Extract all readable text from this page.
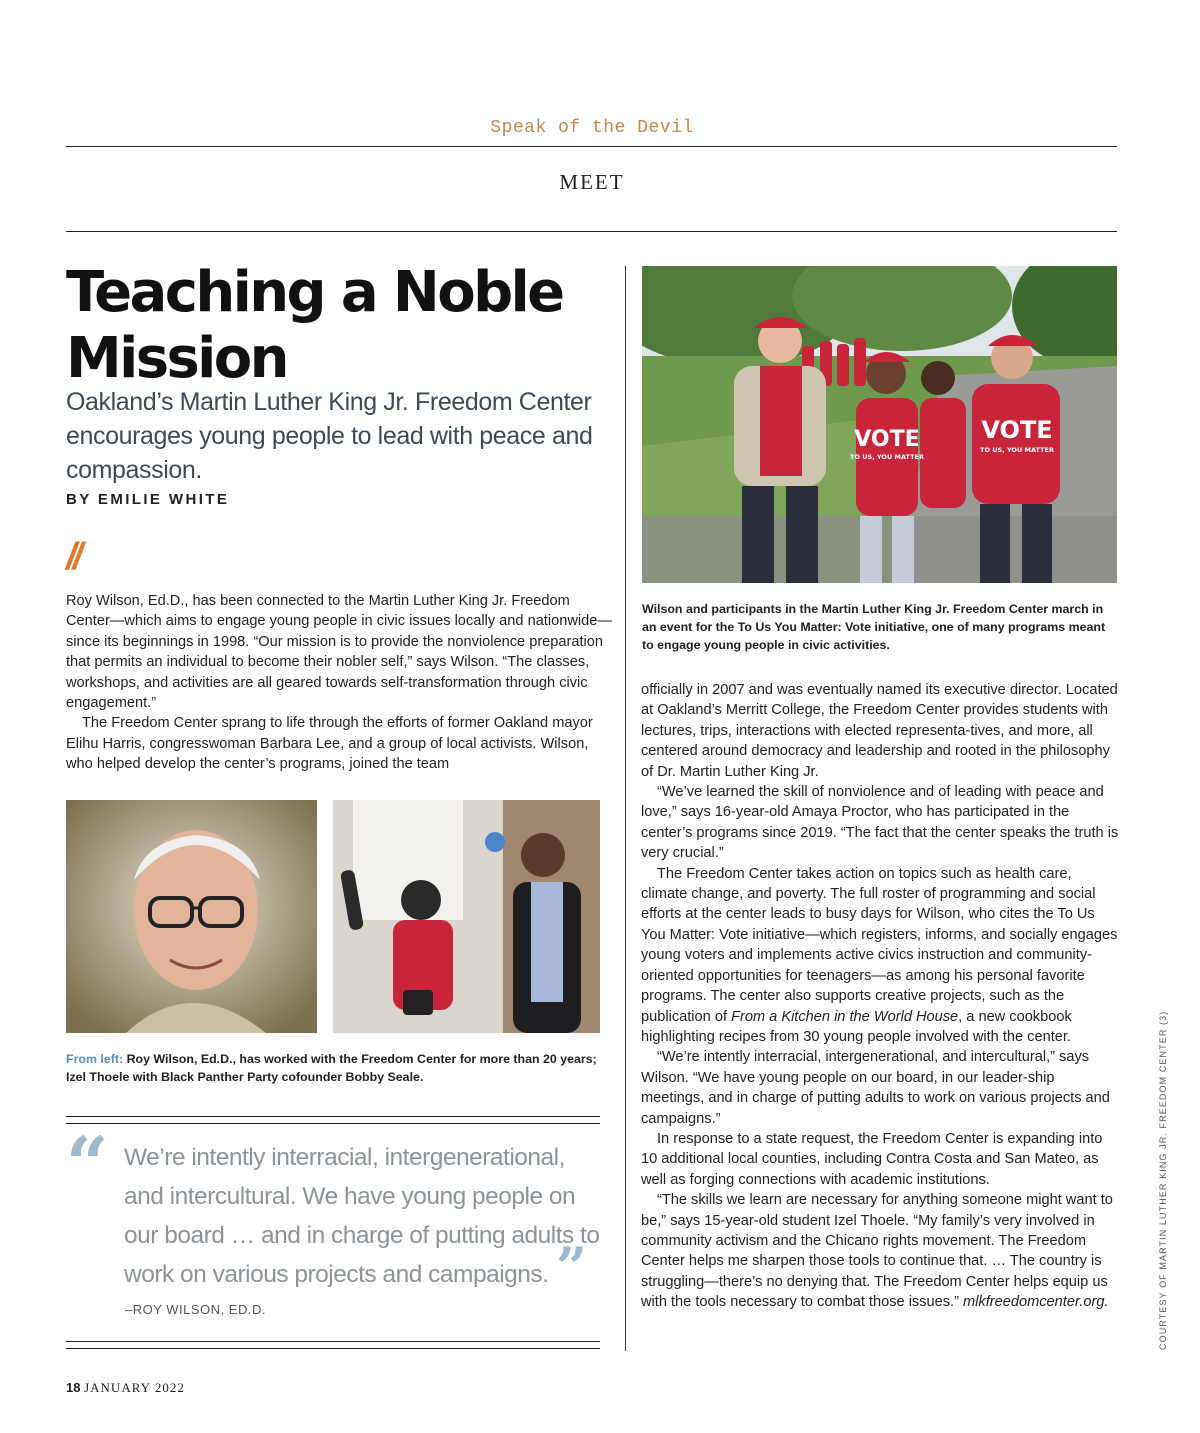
Speak of the Devil
MEET
Teaching a Noble Mission
Oakland’s Martin Luther King Jr. Freedom Center encourages young people to lead with peace and compassion.
BY EMILIE WHITE
//

Roy Wilson, Ed.D., has been connected to the Martin Luther King Jr. Freedom Center—which aims to engage young people in civic issues locally and nationwide—since its beginnings in 1998. “Our mission is to provide the nonviolence preparation that permits an individual to become their nobler self,” says Wilson. “The classes, workshops, and activities are all geared towards self-transformation through civic engagement.”

The Freedom Center sprang to life through the efforts of former Oakland mayor Elihu Harris, congresswoman Barbara Lee, and a group of local activists. Wilson, who helped develop the center’s programs, joined the team

VOTE
TO US, YOU MATTER
VOTE
TO US, YOU MATTER
Wilson and participants in the Martin Luther King Jr. Freedom Center march in an event for the To Us You Matter: Vote initiative, one of many programs meant to engage young people in civic activities.

officially in 2007 and was eventually named its executive director. Located at Oakland’s Merritt College, the Freedom Center provides students with lectures, trips, interactions with elected representa-tives, and more, all centered around democracy and leadership and rooted in the philosophy of Dr. Martin Luther King Jr.

“We’ve learned the skill of nonviolence and of leading with peace and love,” says 16-year-old Amaya Proctor, who has participated in the center’s programs since 2019. “The fact that the center speaks the truth is very crucial.”

The Freedom Center takes action on topics such as health care, climate change, and poverty. The full roster of programming and social efforts at the center leads to busy days for Wilson, who cites the To Us You Matter: Vote initiative—which registers, informs, and socially engages young voters and implements active civics instruction and community-oriented opportunities for teenagers—as among his personal favorite programs. The center also supports creative projects, such as the publication of From a Kitchen in the World House, a new cookbook highlighting recipes from 30 young people involved with the center.

“We’re intently interracial, intergenerational, and intercultural,” says Wilson. “We have young people on our board, in our leader-ship meetings, and in charge of putting adults to work on various projects and campaigns.”

In response to a state request, the Freedom Center is expanding into 10 additional local counties, including Contra Costa and San Mateo, as well as forging connections with academic institutions.

“The skills we learn are necessary for anything someone might want to be,” says 15-year-old student Izel Thoele. “My family’s very involved in community activism and the Chicano rights movement. The Freedom Center helps me sharpen those tools to continue that. … The country is struggling—there’s no denying that. The Freedom Center helps equip us with the tools necessary to combat those issues.” mlkfreedomcenter.org.

From left: Roy Wilson, Ed.D., has worked with the Freedom Center for more than 20 years; Izel Thoele with Black Panther Party cofounder Bobby Seale.
“ We’re intently interracial, intergenerational, and intercultural. We have young people on our board … and in charge of putting adults to work on various projects and campaigns. ”
–ROY WILSON, ED.D.
18 JANUARY 2022
COURTESY OF MARTIN LUTHER KING JR. FREEDOM CENTER (3)
